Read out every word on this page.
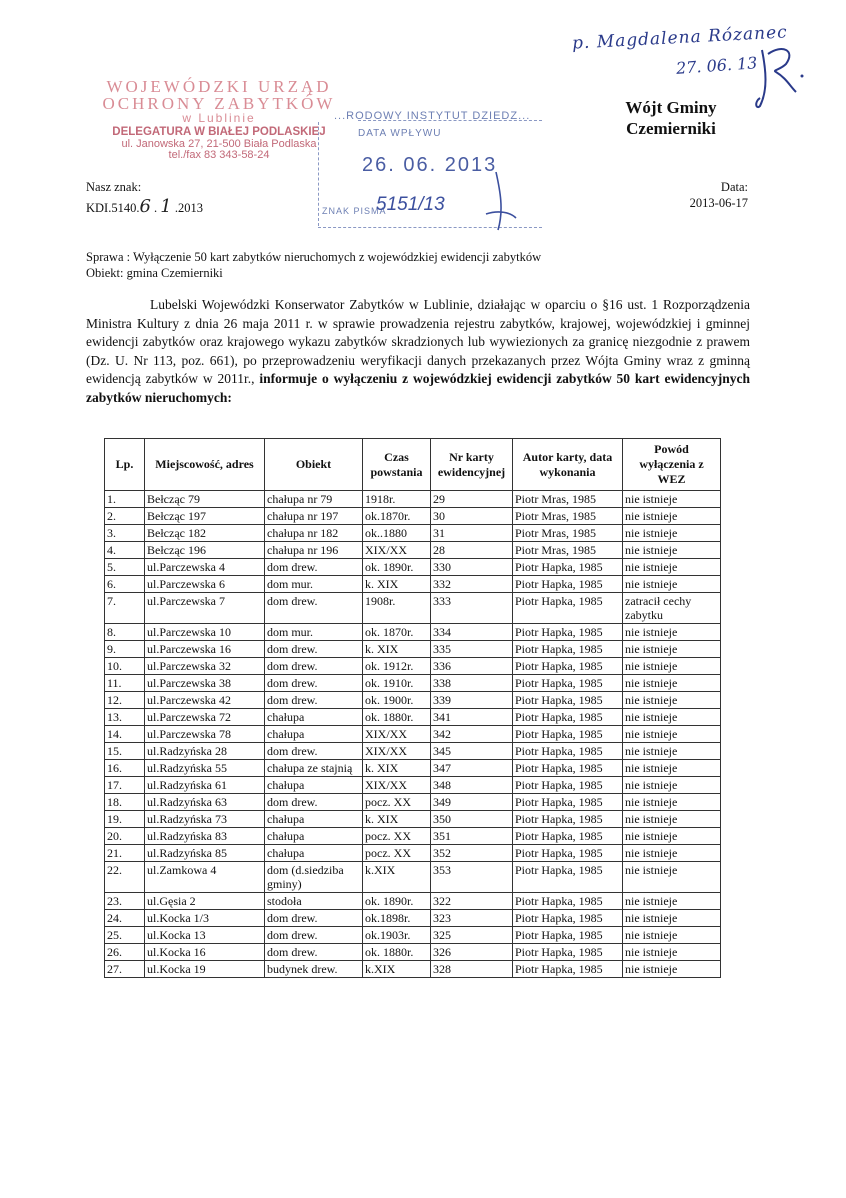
p. Magdalena Rózanec
27. 06. 13
WOJEWÓDZKI URZĄD
OCHRONY ZABYTKÓW
w Lublinie
DELEGATURA W BIAŁEJ PODLASKIEJ
ul. Janowska 27, 21-500 Biała Podlaska
tel./fax 83 343-58-24
...RODOWY INSTYTUT DZIEDZ...
DATA WPŁYWU
26. 06. 2013
ZNAK PISMA
5151/13
Wójt Gminy
Czemierniki
Nasz znak:
KDI.5140.6 . 1 .2013
Data:
2013-06-17
Sprawa : Wyłączenie 50 kart zabytków nieruchomych z wojewódzkiej ewidencji zabytków
Obiekt: gmina Czemierniki
Lubelski Wojewódzki Konserwator Zabytków w Lublinie, działając w oparciu o §16 ust. 1 Rozporządzenia Ministra Kultury z dnia 26 maja 2011 r. w sprawie prowadzenia rejestru zabytków, krajowej, wojewódzkiej i gminnej ewidencji zabytków oraz krajowego wykazu zabytków skradzionych lub wywiezionych za granicę niezgodnie z prawem (Dz. U. Nr 113, poz. 661), po przeprowadzeniu weryfikacji danych przekazanych przez Wójta Gminy wraz z gminną ewidencją zabytków w 2011r., informuje o wyłączeniu z wojewódzkiej ewidencji zabytków 50 kart ewidencyjnych zabytków nieruchomych:
Lp.	Miejscowość, adres	Obiekt	Czas powstania	Nr karty ewidencyjnej	Autor karty, data wykonania	Powód wyłączenia z WEZ
1.	Bełcząc 79	chałupa nr 79	1918r.	29	Piotr Mras, 1985	nie istnieje
2.	Bełcząc 197	chałupa nr 197	ok.1870r.	30	Piotr Mras, 1985	nie istnieje
3.	Bełcząc 182	chałupa nr 182	ok..1880	31	Piotr Mras, 1985	nie istnieje
4.	Bełcząc 196	chałupa nr 196	XIX/XX	28	Piotr Mras, 1985	nie istnieje
5.	ul.Parczewska 4	dom drew.	ok. 1890r.	330	Piotr Hapka, 1985	nie istnieje
6.	ul.Parczewska 6	dom mur.	k. XIX	332	Piotr Hapka, 1985	nie istnieje
7.	ul.Parczewska 7	dom drew.	1908r.	333	Piotr Hapka, 1985	zatracił cechy zabytku
8.	ul.Parczewska 10	dom mur.	ok. 1870r.	334	Piotr Hapka, 1985	nie istnieje
9.	ul.Parczewska 16	dom drew.	k. XIX	335	Piotr Hapka, 1985	nie istnieje
10.	ul.Parczewska 32	dom drew.	ok. 1912r.	336	Piotr Hapka, 1985	nie istnieje
11.	ul.Parczewska 38	dom drew.	ok. 1910r.	338	Piotr Hapka, 1985	nie istnieje
12.	ul.Parczewska 42	dom drew.	ok. 1900r.	339	Piotr Hapka, 1985	nie istnieje
13.	ul.Parczewska 72	chałupa	ok. 1880r.	341	Piotr Hapka, 1985	nie istnieje
14.	ul.Parczewska 78	chałupa	XIX/XX	342	Piotr Hapka, 1985	nie istnieje
15.	ul.Radzyńska 28	dom drew.	XIX/XX	345	Piotr Hapka, 1985	nie istnieje
16.	ul.Radzyńska 55	chałupa ze stajnią	k. XIX	347	Piotr Hapka, 1985	nie istnieje
17.	ul.Radzyńska 61	chałupa	XIX/XX	348	Piotr Hapka, 1985	nie istnieje
18.	ul.Radzyńska 63	dom drew.	pocz. XX	349	Piotr Hapka, 1985	nie istnieje
19.	ul.Radzyńska 73	chałupa	k. XIX	350	Piotr Hapka, 1985	nie istnieje
20.	ul.Radzyńska 83	chałupa	pocz. XX	351	Piotr Hapka, 1985	nie istnieje
21.	ul.Radzyńska 85	chałupa	pocz. XX	352	Piotr Hapka, 1985	nie istnieje
22.	ul.Zamkowa 4	dom (d.siedziba gminy)	k.XIX	353	Piotr Hapka, 1985	nie istnieje
23.	ul.Gęsia 2	stodoła	ok. 1890r.	322	Piotr Hapka, 1985	nie istnieje
24.	ul.Kocka 1/3	dom drew.	ok.1898r.	323	Piotr Hapka, 1985	nie istnieje
25.	ul.Kocka 13	dom drew.	ok.1903r.	325	Piotr Hapka, 1985	nie istnieje
26.	ul.Kocka 16	dom drew.	ok. 1880r.	326	Piotr Hapka, 1985	nie istnieje
27.	ul.Kocka 19	budynek drew.	k.XIX	328	Piotr Hapka, 1985	nie istnieje
